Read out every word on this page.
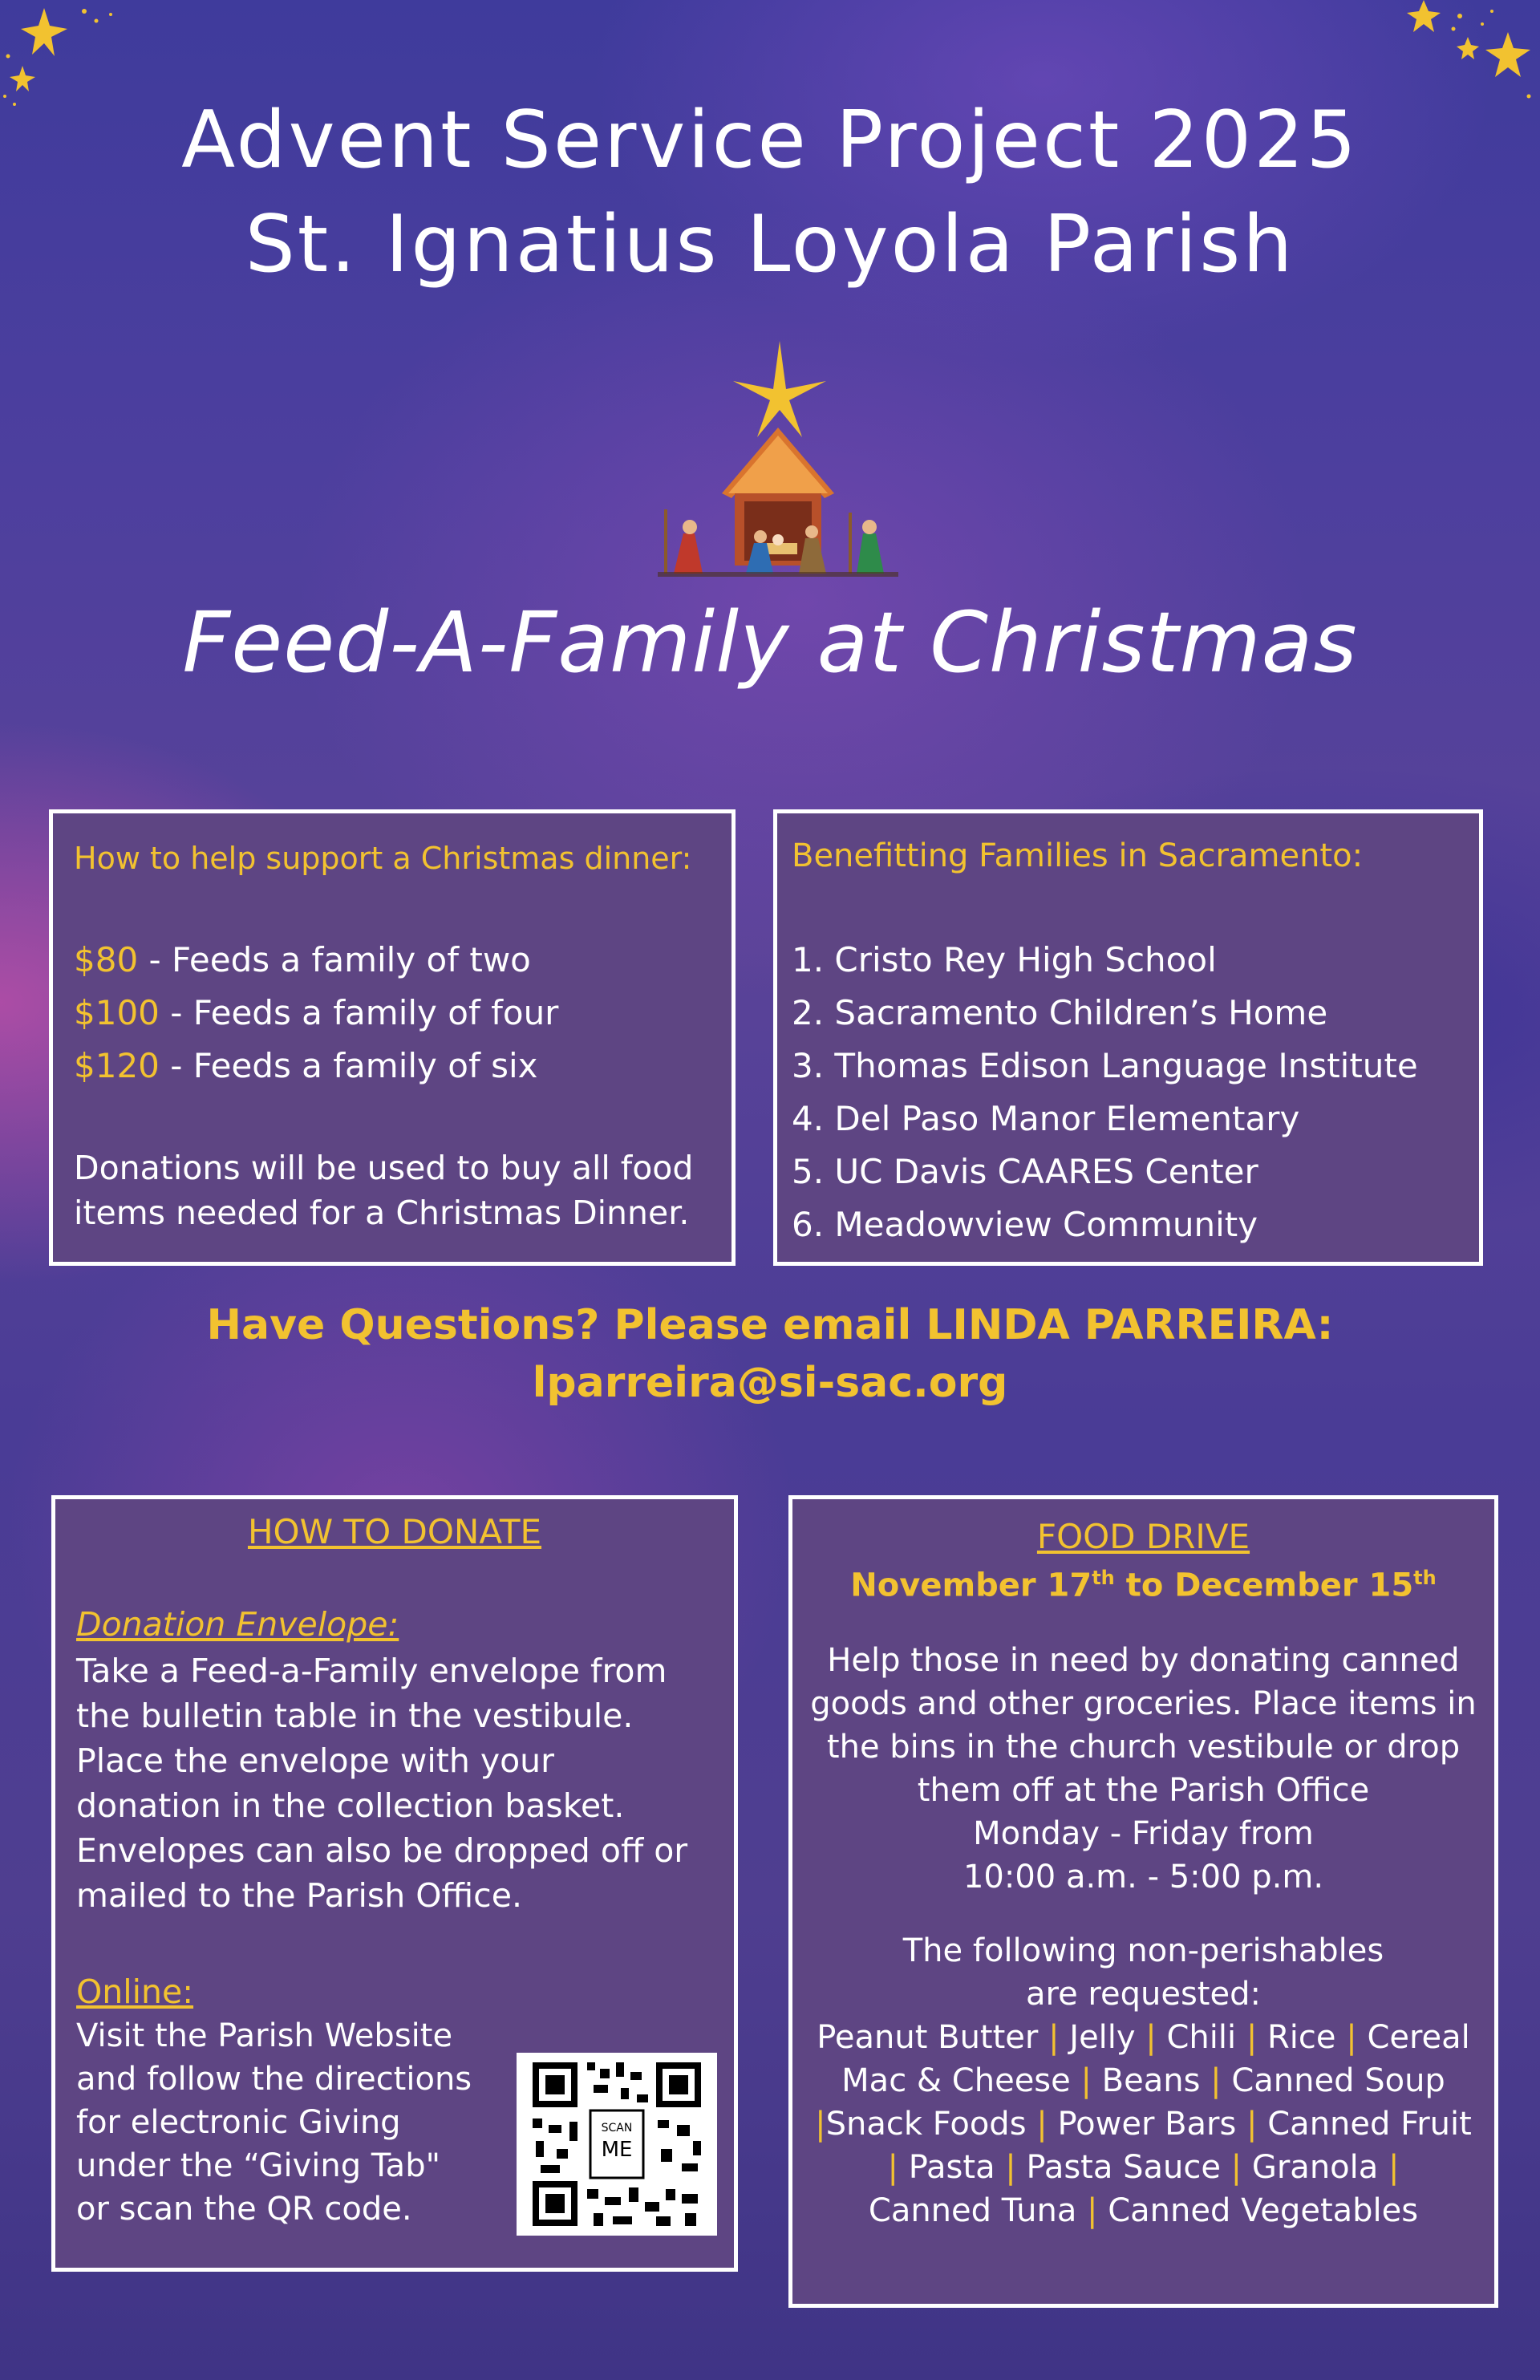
Advent Service Project 2025
St. Ignatius Loyola Parish
Feed-A-Family at Christmas
How to help support a Christmas dinner:
$80 - Feeds a family of two
$100 - Feeds a family of four
$120 - Feeds a family of six
Donations will be used to buy all food
items needed for a Christmas Dinner.
Benefitting Families in Sacramento:
1. Cristo Rey High School
2. Sacramento Children’s Home
3. Thomas Edison Language Institute
4. Del Paso Manor Elementary
5. UC Davis CAARES Center
6. Meadowview Community
Have Questions? Please email LINDA PARREIRA:
lparreira@si-sac.org
HOW TO DONATE
Donation Envelope:
Take a Feed-a-Family envelope from
the bulletin table in the vestibule.
Place the envelope with your
donation in the collection basket.
Envelopes can also be dropped off or
mailed to the Parish Office.
Online:
Visit the Parish Website
and follow the directions
for electronic Giving
under the “Giving Tab"
or scan the QR code.
SCAN
ME
FOOD DRIVE
November 17th to December 15th
Help those in need by donating canned
goods and other groceries. Place items in
the bins in the church vestibule or drop
them off at the Parish Office
Monday - Friday from
10:00 a.m. - 5:00 p.m.
The following non-perishables
are requested:
Peanut Butter | Jelly | Chili | Rice | Cereal
Mac & Cheese | Beans | Canned Soup
|Snack Foods | Power Bars | Canned Fruit
| Pasta | Pasta Sauce | Granola |
Canned Tuna | Canned Vegetables
